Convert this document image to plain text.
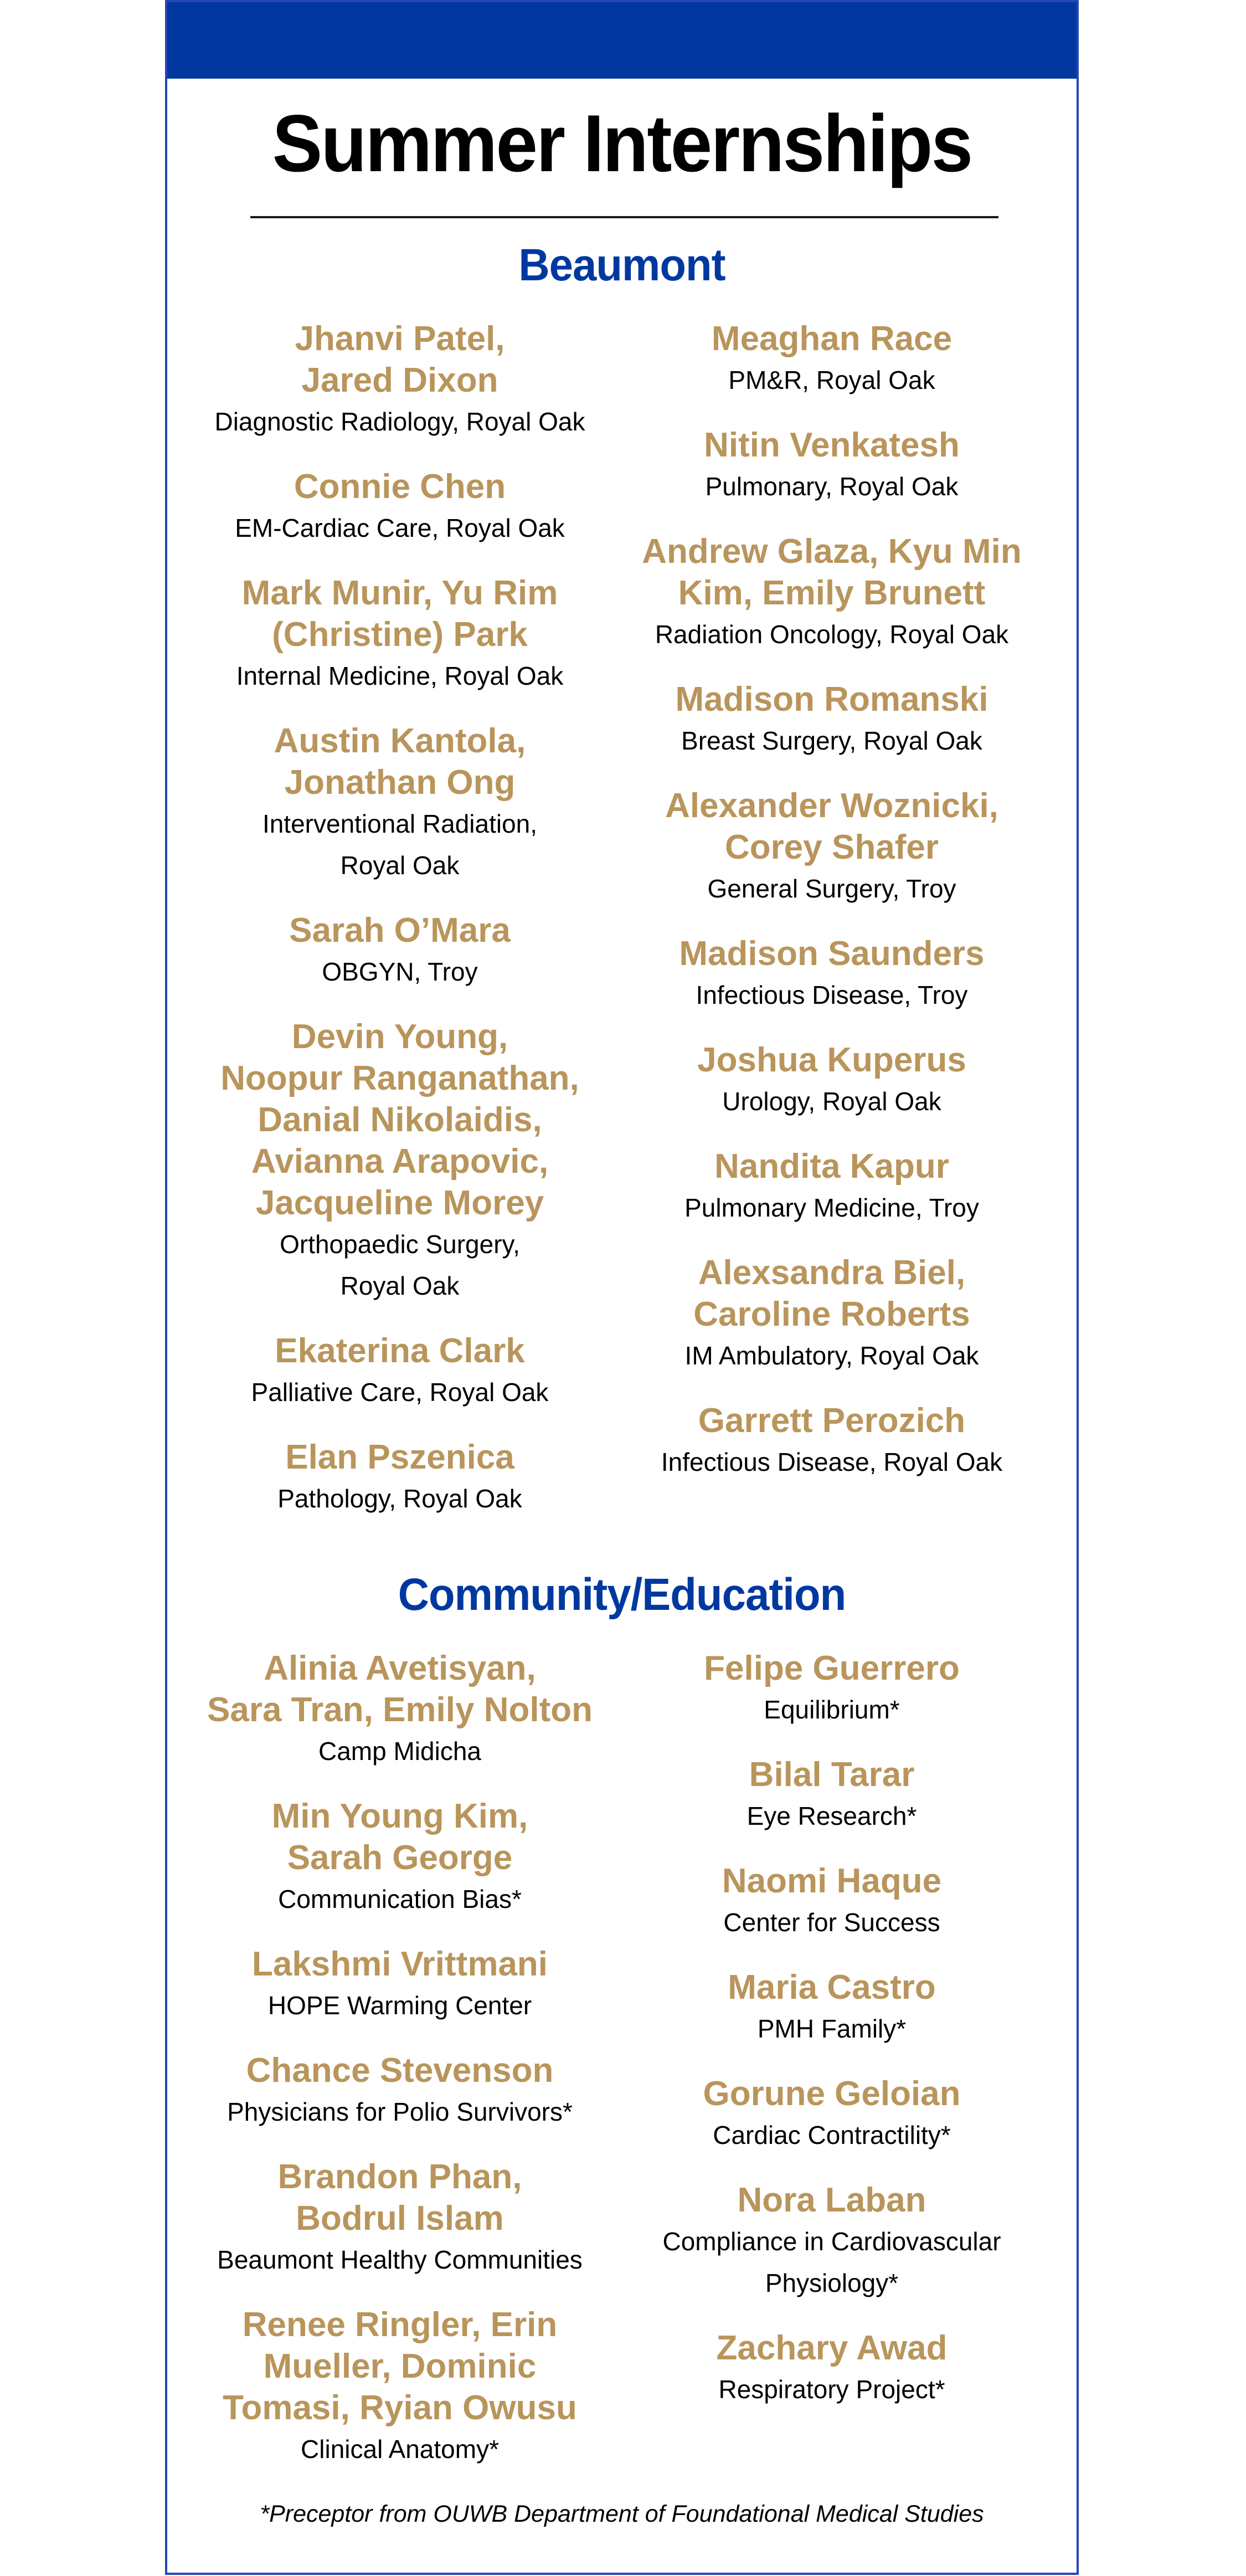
Summer Internships
Beaumont
Jhanvi Patel,
Jared Dixon
Diagnostic Radiology, Royal Oak
Connie Chen
EM-Cardiac Care, Royal Oak
Mark Munir, Yu Rim
(Christine) Park
Internal Medicine, Royal Oak
Austin Kantola,
Jonathan Ong
Interventional Radiation,
Royal Oak
Sarah O’Mara
OBGYN, Troy
Devin Young,
Noopur Ranganathan,
Danial Nikolaidis,
Avianna Arapovic,
Jacqueline Morey
Orthopaedic Surgery,
Royal Oak
Ekaterina Clark
Palliative Care, Royal Oak
Elan Pszenica
Pathology, Royal Oak
Meaghan Race
PM&R, Royal Oak
Nitin Venkatesh
Pulmonary, Royal Oak
Andrew Glaza, Kyu Min
Kim, Emily Brunett
Radiation Oncology, Royal Oak
Madison Romanski
Breast Surgery, Royal Oak
Alexander Woznicki,
Corey Shafer
General Surgery, Troy
Madison Saunders
Infectious Disease, Troy
Joshua Kuperus
Urology, Royal Oak
Nandita Kapur
Pulmonary Medicine, Troy
Alexsandra Biel,
Caroline Roberts
IM Ambulatory, Royal Oak
Garrett Perozich
Infectious Disease, Royal Oak
Community/Education
Alinia Avetisyan,
Sara Tran, Emily Nolton
Camp Midicha
Min Young Kim,
Sarah George
Communication Bias*
Lakshmi Vrittmani
HOPE Warming Center
Chance Stevenson
Physicians for Polio Survivors*
Brandon Phan,
Bodrul Islam
Beaumont Healthy Communities
Renee Ringler, Erin
Mueller, Dominic
Tomasi, Ryian Owusu
Clinical Anatomy*
Felipe Guerrero
Equilibrium*
Bilal Tarar
Eye Research*
Naomi Haque
Center for Success
Maria Castro
PMH Family*
Gorune Geloian
Cardiac Contractility*
Nora Laban
Compliance in Cardiovascular
Physiology*
Zachary Awad
Respiratory Project*
*Preceptor from OUWB Department of Foundational Medical Studies
